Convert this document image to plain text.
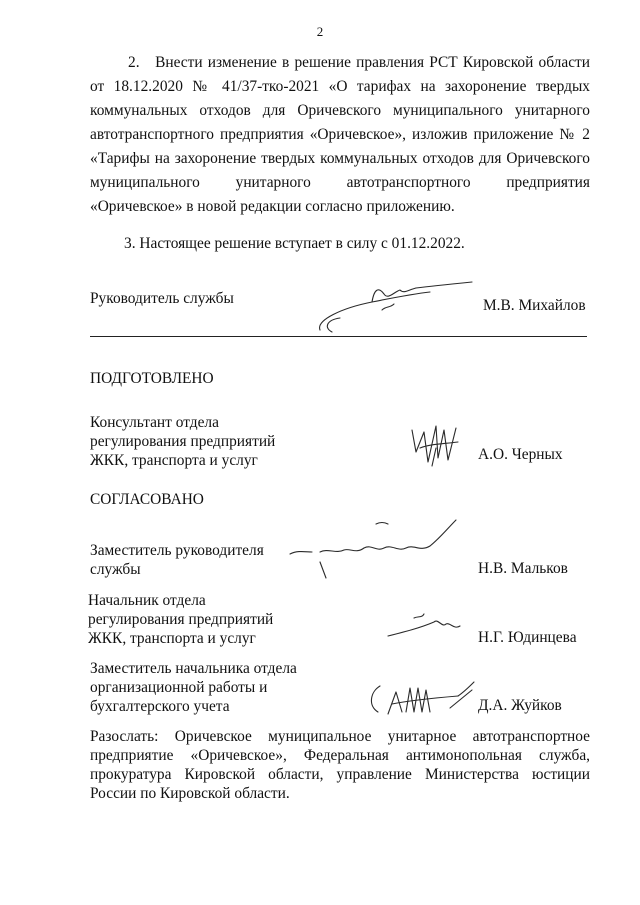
2
2.   Внести изменение в решение правления РСТ Кировской области от 18.12.2020 № 41/37-тко-2021 «О тарифах на захоронение твердых коммунальных отходов для Оричевского муниципального унитарного автотранспортного предприятия «Оричевское», изложив приложение № 2 «Тарифы на захоронение твердых коммунальных отходов для Оричевского муниципального унитарного автотранспортного предприятия «Оричевское» в новой редакции согласно приложению.
3. Настоящее решение вступает в силу с 01.12.2022.
Руководитель службы	М.В. Михайлов
ПОДГОТОВЛЕНО
Консультант отдела
регулирования предприятий
ЖКК, транспорта и услуг	А.О. Черных
СОГЛАСОВАНО
Заместитель руководителя
службы	Н.В. Мальков
Начальник отдела
регулирования предприятий
ЖКК, транспорта и услуг	Н.Г. Юдинцева
Заместитель начальника отдела
организационной работы и
бухгалтерского учета	Д.А. Жуйков
Разослать: Оричевское муниципальное унитарное автотранспортное предприятие «Оричевское», Федеральная антимонопольная служба, прокуратура Кировской области, управление Министерства юстиции России по Кировской области.
